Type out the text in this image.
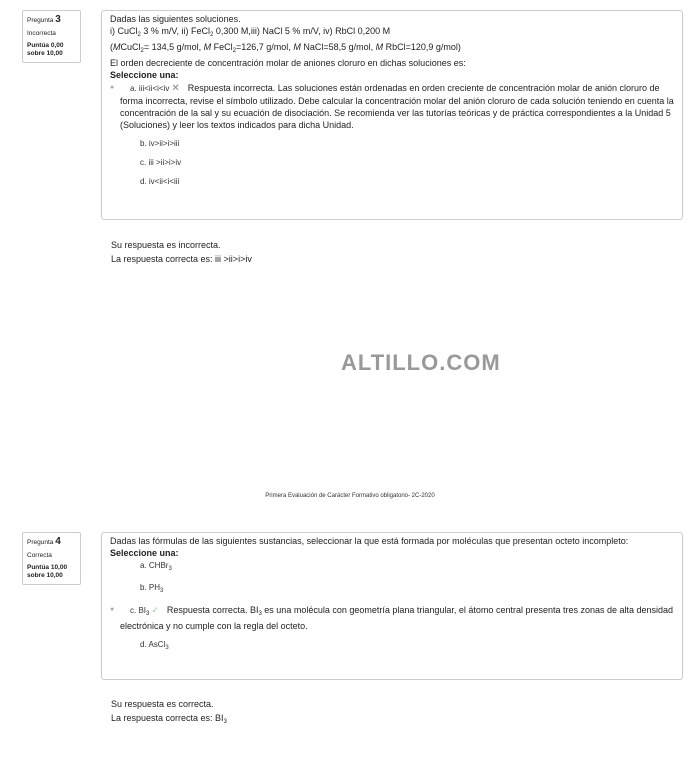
Pregunta 3
Incorrecta
Puntúa 0,00 sobre 10,00

Dadas las siguientes soluciones.

i) CuCl$_2$ 3 % m/V, ii) FeCl$_2$ 0,300 M,iii) NaCl 5 % m/V, iv) RbCl 0,200 M

(MCuCl$_2$= 134,5 g/mol, M FeCl$_2$=126,7 g/mol, M NaCl=58,5 g/mol, M RbCl=120,9 g/mol)

El orden decreciente de concentración molar de aniones cloruro en dichas soluciones es:

Seleccione una:

● a. iii<ii<i<iv ✕ Respuesta incorrecta. Las soluciones están ordenadas en orden creciente de concentración molar de anión cloruro de forma incorrecta, revise el símbolo utilizado. Debe calcular la concentración molar del anión cloruro de cada solución teniendo en cuenta la concentración de la sal y su ecuación de disociación. Se recomienda ver las tutorías teóricas y de práctica correspondientes a la Unidad 5 (Soluciones) y leer los textos indicados para dicha Unidad.
b. iv>ii>i>iii
c. iii >ii>i>iv
d. iv<ii<i<iii
Su respuesta es incorrecta.
La respuesta correcta es: iii >ii>i>iv
ALTILLO.COM
Primera Evaluación de Carácter Formativo obligatorio- 2C-2020
Pregunta 4
Correcta
Puntúa 10,00 sobre 10,00

Dadas las fórmulas de las siguientes sustancias, seleccionar la que está formada por moléculas que presentan octeto incompleto:

Seleccione una:

a. CHBr$_3$
b. $PH_3$
● c. $BI_3$ ✓ Respuesta correcta. $BI_3$ es una molécula con geometría plana triangular, el átomo central presenta tres zonas de alta densidad electrónica y no cumple con la regla del octeto.
d. AsCl$_3$
Su respuesta es correcta.
La respuesta correcta es: $BI_3$
